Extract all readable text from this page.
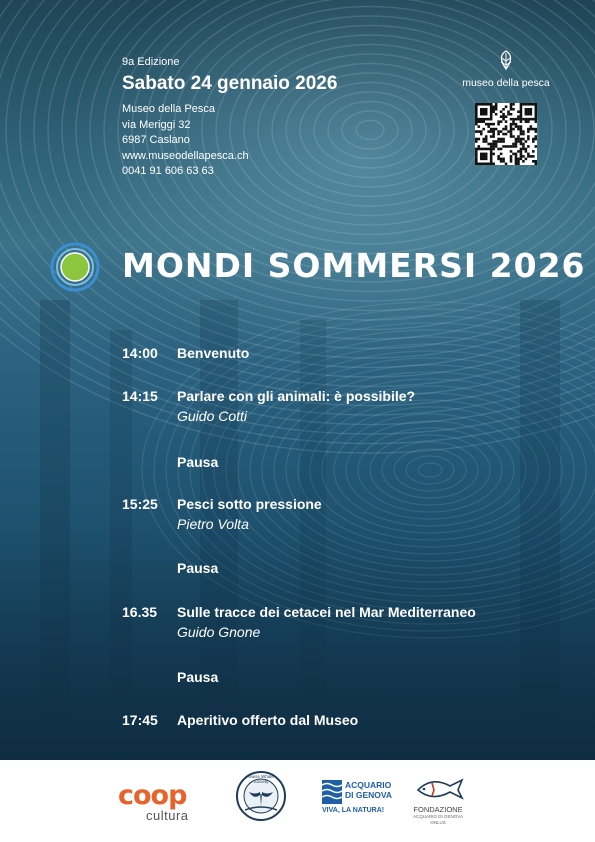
9a Edizione
Sabato 24 gennaio 2026
Museo della Pesca
via Meriggi 32
6987 Caslano
www.museodellapesca.ch
0041 91 606 63 63
museo della pesca
MONDI SOMMERSI 2026
14:00 Benvenuto
14:15 Parlare con gli animali: è possibile?
Guido Cotti
Pausa
15:25 Pesci sotto pressione
Pietro Volta
Pausa
16.35 Sulle tracce dei cetacei nel Mar Mediterraneo
Guido Gnone
Pausa
17:45 Aperitivo offerto dal Museo
coop
cultura
Swiss Whale Society	ACQUARIO
DI GENOVA
VIVA, LA NATURA!	FONDAZIONE
ACQUARIO DI GENOVA
ONLUS
